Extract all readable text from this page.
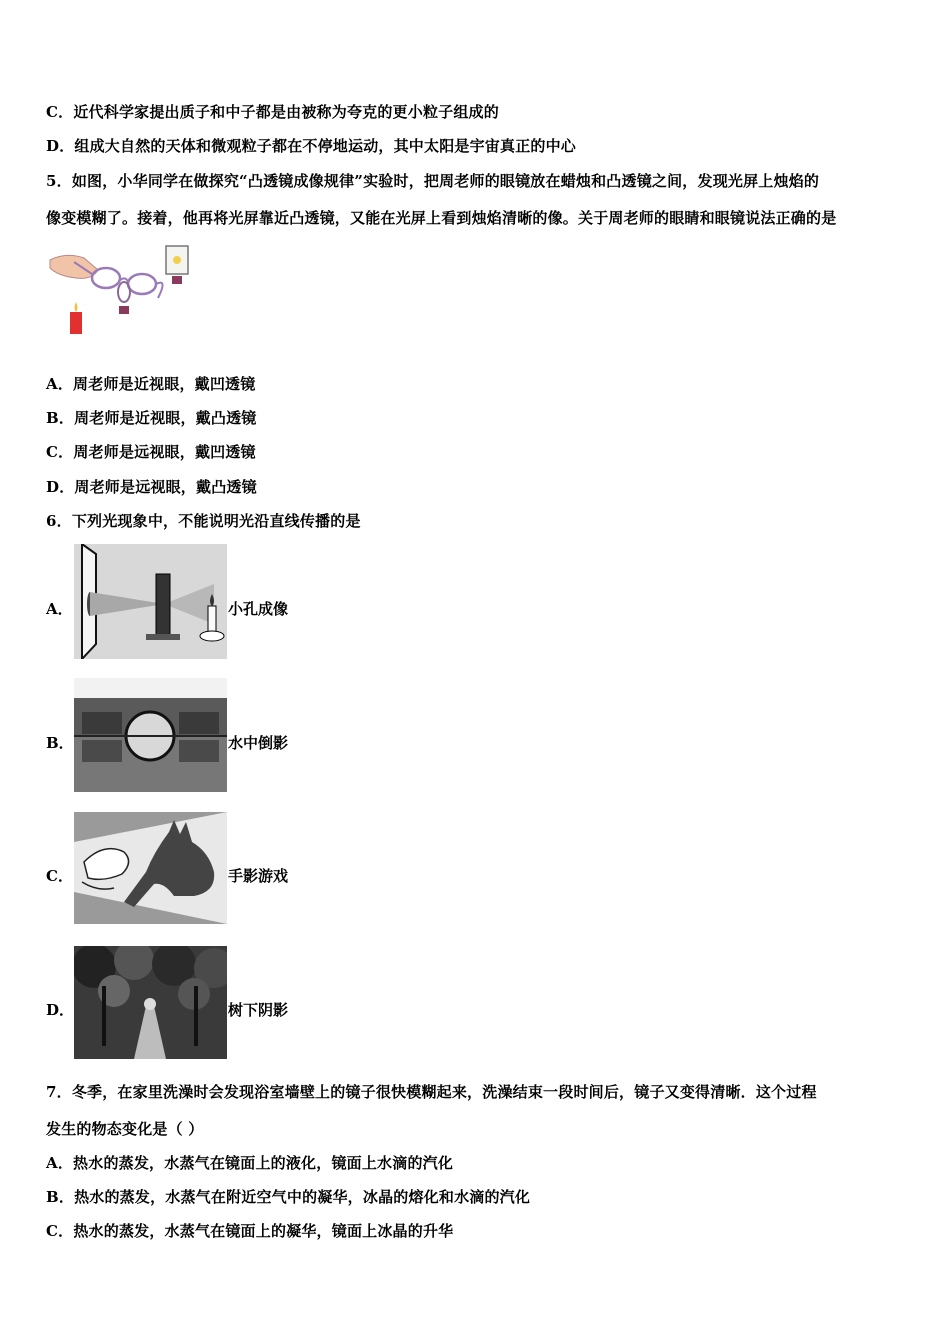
C．近代科学家提出质子和中子都是由被称为夸克的更小粒子组成的
D．组成大自然的天体和微观粒子都在不停地运动，其中太阳是宇宙真正的中心
5．如图，小华同学在做探究“凸透镜成像规律”实验时，把周老师的眼镜放在蜡烛和凸透镜之间，发现光屏上烛焰的
像变模糊了。接着，他再将光屏靠近凸透镜，又能在光屏上看到烛焰清晰的像。关于周老师的眼睛和眼镜说法正确的是
A．周老师是近视眼，戴凹透镜
B．周老师是近视眼，戴凸透镜
C．周老师是远视眼，戴凹透镜
D．周老师是远视眼，戴凸透镜
6．下列光现象中，不能说明光沿直线传播的是
A．	小孔成像
B．	水中倒影
C．	手影游戏
D．	树下阴影
7．冬季，在家里洗澡时会发现浴室墙壁上的镜子很快模糊起来，洗澡结束一段时间后，镜子又变得清晰．这个过程
发生的物态变化是（ ）
A．热水的蒸发，水蒸气在镜面上的液化，镜面上水滴的汽化
B．热水的蒸发，水蒸气在附近空气中的凝华，冰晶的熔化和水滴的汽化
C．热水的蒸发，水蒸气在镜面上的凝华，镜面上冰晶的升华
